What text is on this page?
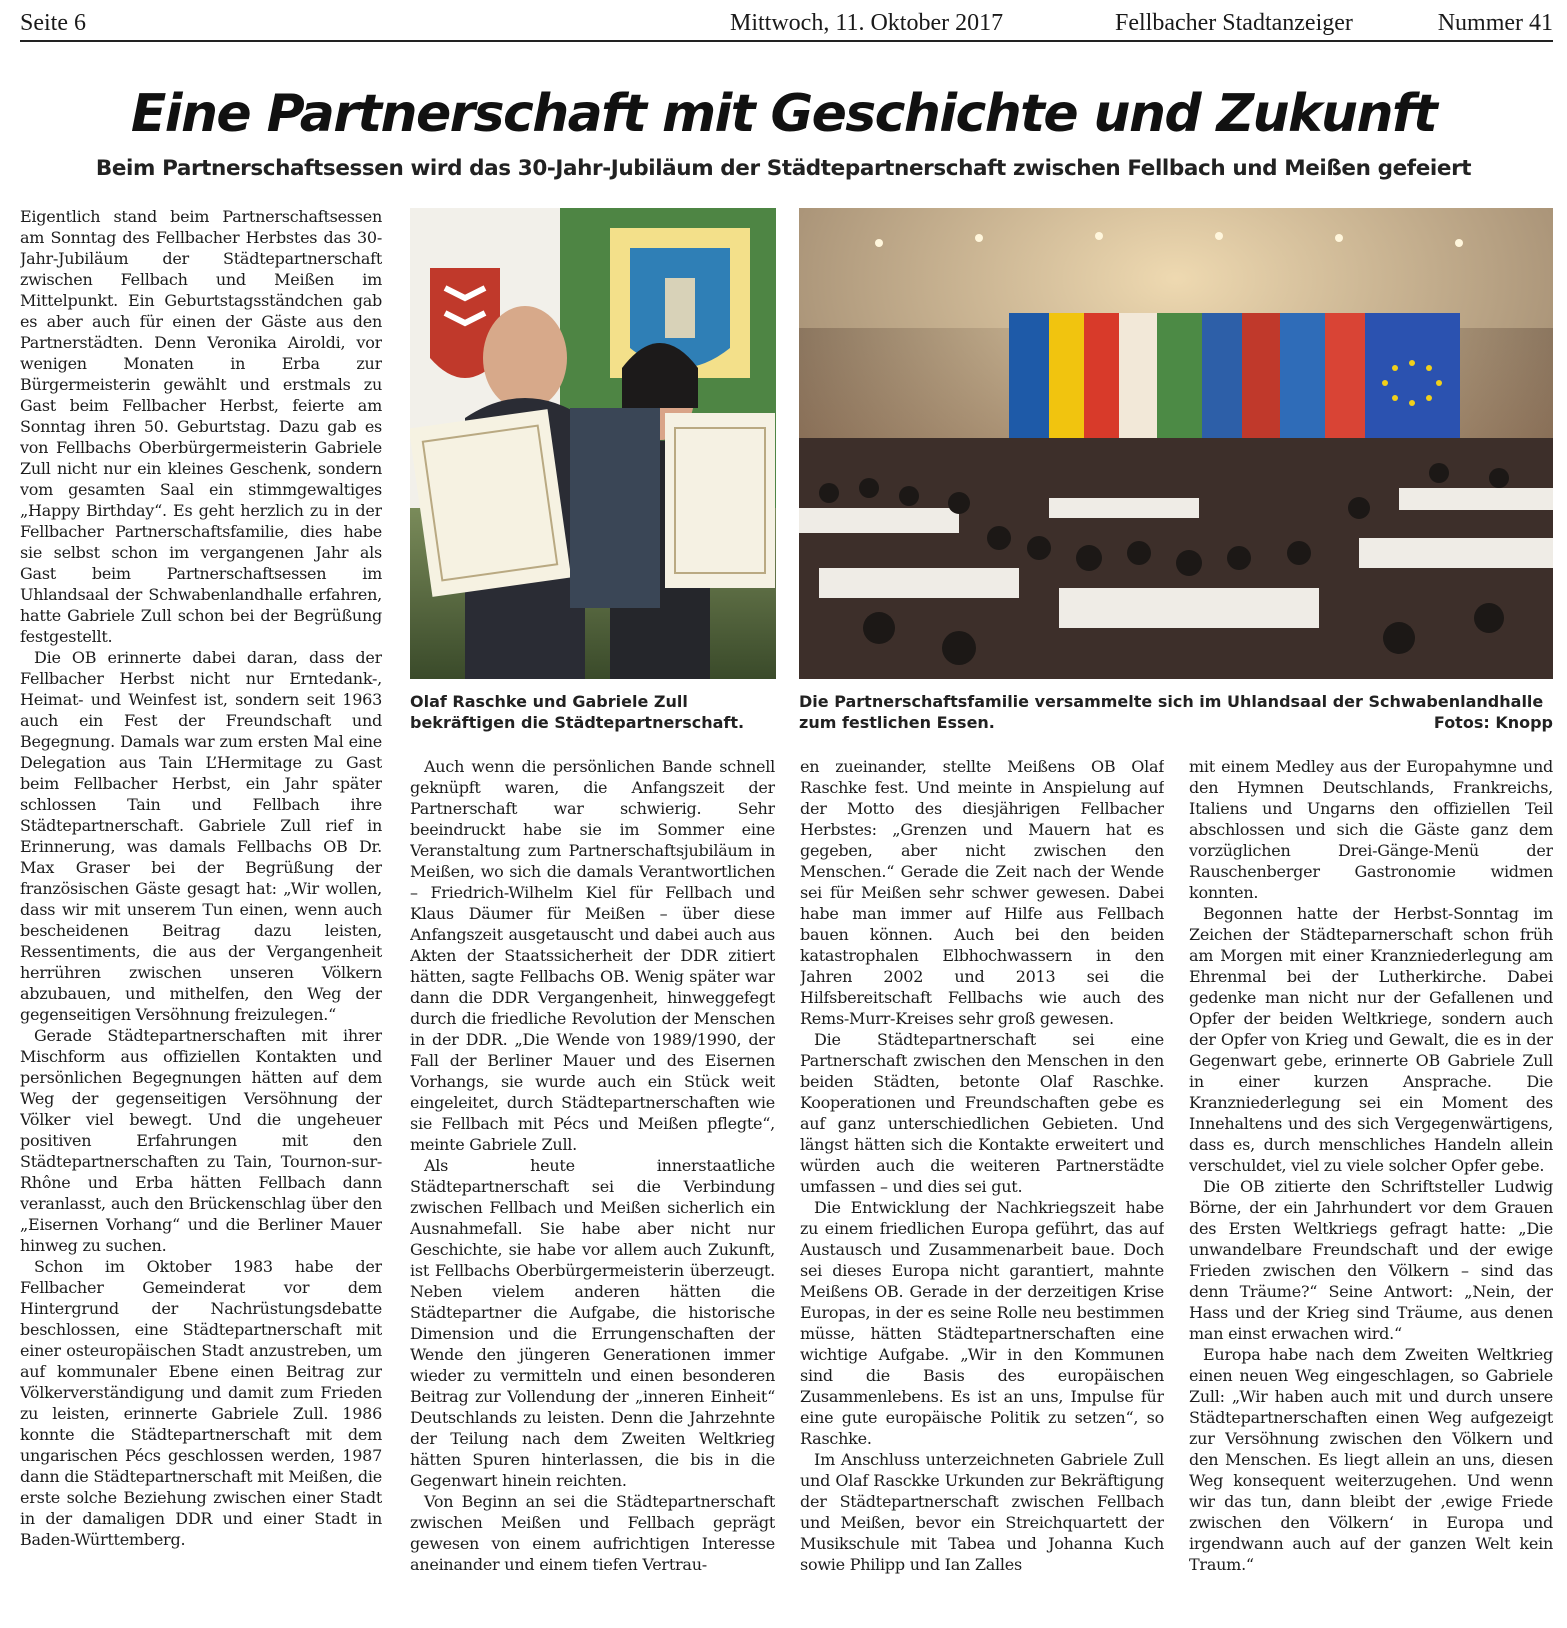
Seite 6	Mittwoch, 11. Oktober 2017	Fellbacher Stadtanzeiger	Nummer 41
Eine Partnerschaft mit Geschichte und Zukunft
Beim Partnerschaftsessen wird das 30-Jahr-Jubiläum der Städtepartnerschaft zwischen Fellbach und Meißen gefeiert

Eigentlich stand beim Partnerschaftsessen am Sonntag des Fellbacher Herbstes das 30-Jahr-Jubiläum der Städtepartnerschaft zwischen Fellbach und Meißen im Mittelpunkt. Ein Geburtstagsständchen gab es aber auch für einen der Gäste aus den Partnerstädten. Denn Veronika Airoldi, vor wenigen Monaten in Erba zur Bürgermeisterin gewählt und erstmals zu Gast beim Fellbacher Herbst, feierte am Sonntag ihren 50. Geburtstag. Dazu gab es von Fellbachs Oberbürgermeisterin Gabriele Zull nicht nur ein kleines Geschenk, sondern vom gesamten Saal ein stimmgewaltiges „Happy Birthday“. Es geht herzlich zu in der Fellbacher Partnerschaftsfamilie, dies habe sie selbst schon im vergangenen Jahr als Gast beim Partnerschaftsessen im Uhlandsaal der Schwabenlandhalle erfahren, hatte Gabriele Zull schon bei der Begrüßung festgestellt.

Die OB erinnerte dabei daran, dass der Fellbacher Herbst nicht nur Erntedank-, Heimat- und Weinfest ist, sondern seit 1963 auch ein Fest der Freundschaft und Begegnung. Damals war zum ersten Mal eine Delegation aus Tain L’Hermitage zu Gast beim Fellbacher Herbst, ein Jahr später schlossen Tain und Fellbach ihre Städtepartnerschaft. Gabriele Zull rief in Erinnerung, was damals Fellbachs OB Dr. Max Graser bei der Begrüßung der französischen Gäste gesagt hat: „Wir wollen, dass wir mit unserem Tun einen, wenn auch bescheidenen Beitrag dazu leisten, Ressentiments, die aus der Vergangenheit herrühren zwischen unseren Völkern abzubauen, und mithelfen, den Weg der gegenseitigen Versöhnung freizulegen.“

Gerade Städtepartnerschaften mit ihrer Mischform aus offiziellen Kontakten und persönlichen Begegnungen hätten auf dem Weg der gegenseitigen Versöhnung der Völker viel bewegt. Und die ungeheuer positiven Erfahrungen mit den Städtepartnerschaften zu Tain, Tournon-sur-Rhône und Erba hätten Fellbach dann veranlasst, auch den Brückenschlag über den „Eisernen Vorhang“ und die Berliner Mauer hinweg zu suchen.

Schon im Oktober 1983 habe der Fellbacher Gemeinderat vor dem Hintergrund der Nachrüstungsdebatte beschlossen, eine Städtepartnerschaft mit einer osteuropäischen Stadt anzustreben, um auf kommunaler Ebene einen Beitrag zur Völkerverständigung und damit zum Frieden zu leisten, erinnerte Gabriele Zull. 1986 konnte die Städtepartnerschaft mit dem ungarischen Pécs geschlossen werden, 1987 dann die Städtepartnerschaft mit Meißen, die erste solche Beziehung zwischen einer Stadt in der damaligen DDR und einer Stadt in Baden-Württemberg.

Olaf Raschke und Gabriele Zull bekräftigen die Städtepartnerschaft.
Die Partnerschaftsfamilie versammelte sich im Uhlandsaal der Schwabenlandhalle zum festlichen Essen.	Fotos: Knopp

Auch wenn die persönlichen Bande schnell geknüpft waren, die Anfangszeit der Partnerschaft war schwierig. Sehr beeindruckt habe sie im Sommer eine Veranstaltung zum Partnerschaftsjubiläum in Meißen, wo sich die damals Verantwortlichen – Friedrich-Wilhelm Kiel für Fellbach und Klaus Däumer für Meißen – über diese Anfangszeit ausgetauscht und dabei auch aus Akten der Staatssicherheit der DDR zitiert hätten, sagte Fellbachs OB. Wenig später war dann die DDR Vergangenheit, hinweggefegt durch die friedliche Revolution der Menschen in der DDR. „Die Wende von 1989/1990, der Fall der Berliner Mauer und des Eisernen Vorhangs, sie wurde auch ein Stück weit eingeleitet, durch Städtepartnerschaften wie sie Fellbach mit Pécs und Meißen pflegte“, meinte Gabriele Zull.

Als heute innerstaatliche Städtepartnerschaft sei die Verbindung zwischen Fellbach und Meißen sicherlich ein Ausnahmefall. Sie habe aber nicht nur Geschichte, sie habe vor allem auch Zukunft, ist Fellbachs Oberbürgermeisterin überzeugt. Neben vielem anderen hätten die Städtepartner die Aufgabe, die historische Dimension und die Errungenschaften der Wende den jüngeren Generationen immer wieder zu vermitteln und einen besonderen Beitrag zur Vollendung der „inneren Einheit“ Deutschlands zu leisten. Denn die Jahrzehnte der Teilung nach dem Zweiten Weltkrieg hätten Spuren hinterlassen, die bis in die Gegenwart hinein reichten.

Von Beginn an sei die Städtepartnerschaft zwischen Meißen und Fellbach geprägt gewesen von einem aufrichtigen Interesse aneinander und einem tiefen Vertrau-

en zueinander, stellte Meißens OB Olaf Raschke fest. Und meinte in Anspielung auf der Motto des diesjährigen Fellbacher Herbstes: „Grenzen und Mauern hat es gegeben, aber nicht zwischen den Menschen.“ Gerade die Zeit nach der Wende sei für Meißen sehr schwer gewesen. Dabei habe man immer auf Hilfe aus Fellbach bauen können. Auch bei den beiden katastrophalen Elbhochwassern in den Jahren 2002 und 2013 sei die Hilfsbereitschaft Fellbachs wie auch des Rems-Murr-Kreises sehr groß gewesen.

Die Städtepartnerschaft sei eine Partnerschaft zwischen den Menschen in den beiden Städten, betonte Olaf Raschke. Kooperationen und Freundschaften gebe es auf ganz unterschiedlichen Gebieten. Und längst hätten sich die Kontakte erweitert und würden auch die weiteren Partnerstädte umfassen – und dies sei gut.

Die Entwicklung der Nachkriegszeit habe zu einem friedlichen Europa geführt, das auf Austausch und Zusammenarbeit baue. Doch sei dieses Europa nicht garantiert, mahnte Meißens OB. Gerade in der derzeitigen Krise Europas, in der es seine Rolle neu bestimmen müsse, hätten Städtepartnerschaften eine wichtige Aufgabe. „Wir in den Kommunen sind die Basis des europäischen Zusammenlebens. Es ist an uns, Impulse für eine gute europäische Politik zu setzen“, so Raschke.

Im Anschluss unterzeichneten Gabriele Zull und Olaf Rasckke Urkunden zur Bekräftigung der Städtepartnerschaft zwischen Fellbach und Meißen, bevor ein Streichquartett der Musikschule mit Tabea und Johanna Kuch sowie Philipp und Ian Zalles

mit einem Medley aus der Europahymne und den Hymnen Deutschlands, Frankreichs, Italiens und Ungarns den offiziellen Teil abschlossen und sich die Gäste ganz dem vorzüglichen Drei-Gänge-Menü der Rauschenberger Gastronomie widmen konnten.

Begonnen hatte der Herbst-Sonntag im Zeichen der Städteparnerschaft schon früh am Morgen mit einer Kranzniederlegung am Ehrenmal bei der Lutherkirche. Dabei gedenke man nicht nur der Gefallenen und Opfer der beiden Weltkriege, sondern auch der Opfer von Krieg und Gewalt, die es in der Gegenwart gebe, erinnerte OB Gabriele Zull in einer kurzen Ansprache. Die Kranzniederlegung sei ein Moment des Innehaltens und des sich Vergegenwärtigens, dass es, durch menschliches Handeln allein verschuldet, viel zu viele solcher Opfer gebe.

Die OB zitierte den Schriftsteller Ludwig Börne, der ein Jahrhundert vor dem Grauen des Ersten Weltkriegs gefragt hatte: „Die unwandelbare Freundschaft und der ewige Frieden zwischen den Völkern – sind das denn Träume?“ Seine Antwort: „Nein, der Hass und der Krieg sind Träume, aus denen man einst erwachen wird.“

Europa habe nach dem Zweiten Weltkrieg einen neuen Weg eingeschlagen, so Gabriele Zull: „Wir haben auch mit und durch unsere Städtepartnerschaften einen Weg aufgezeigt zur Versöhnung zwischen den Völkern und den Menschen. Es liegt allein an uns, diesen Weg konsequent weiterzugehen. Und wenn wir das tun, dann bleibt der ‚ewige Friede zwischen den Völkern‘ in Europa und irgendwann auch auf der ganzen Welt kein Traum.“
